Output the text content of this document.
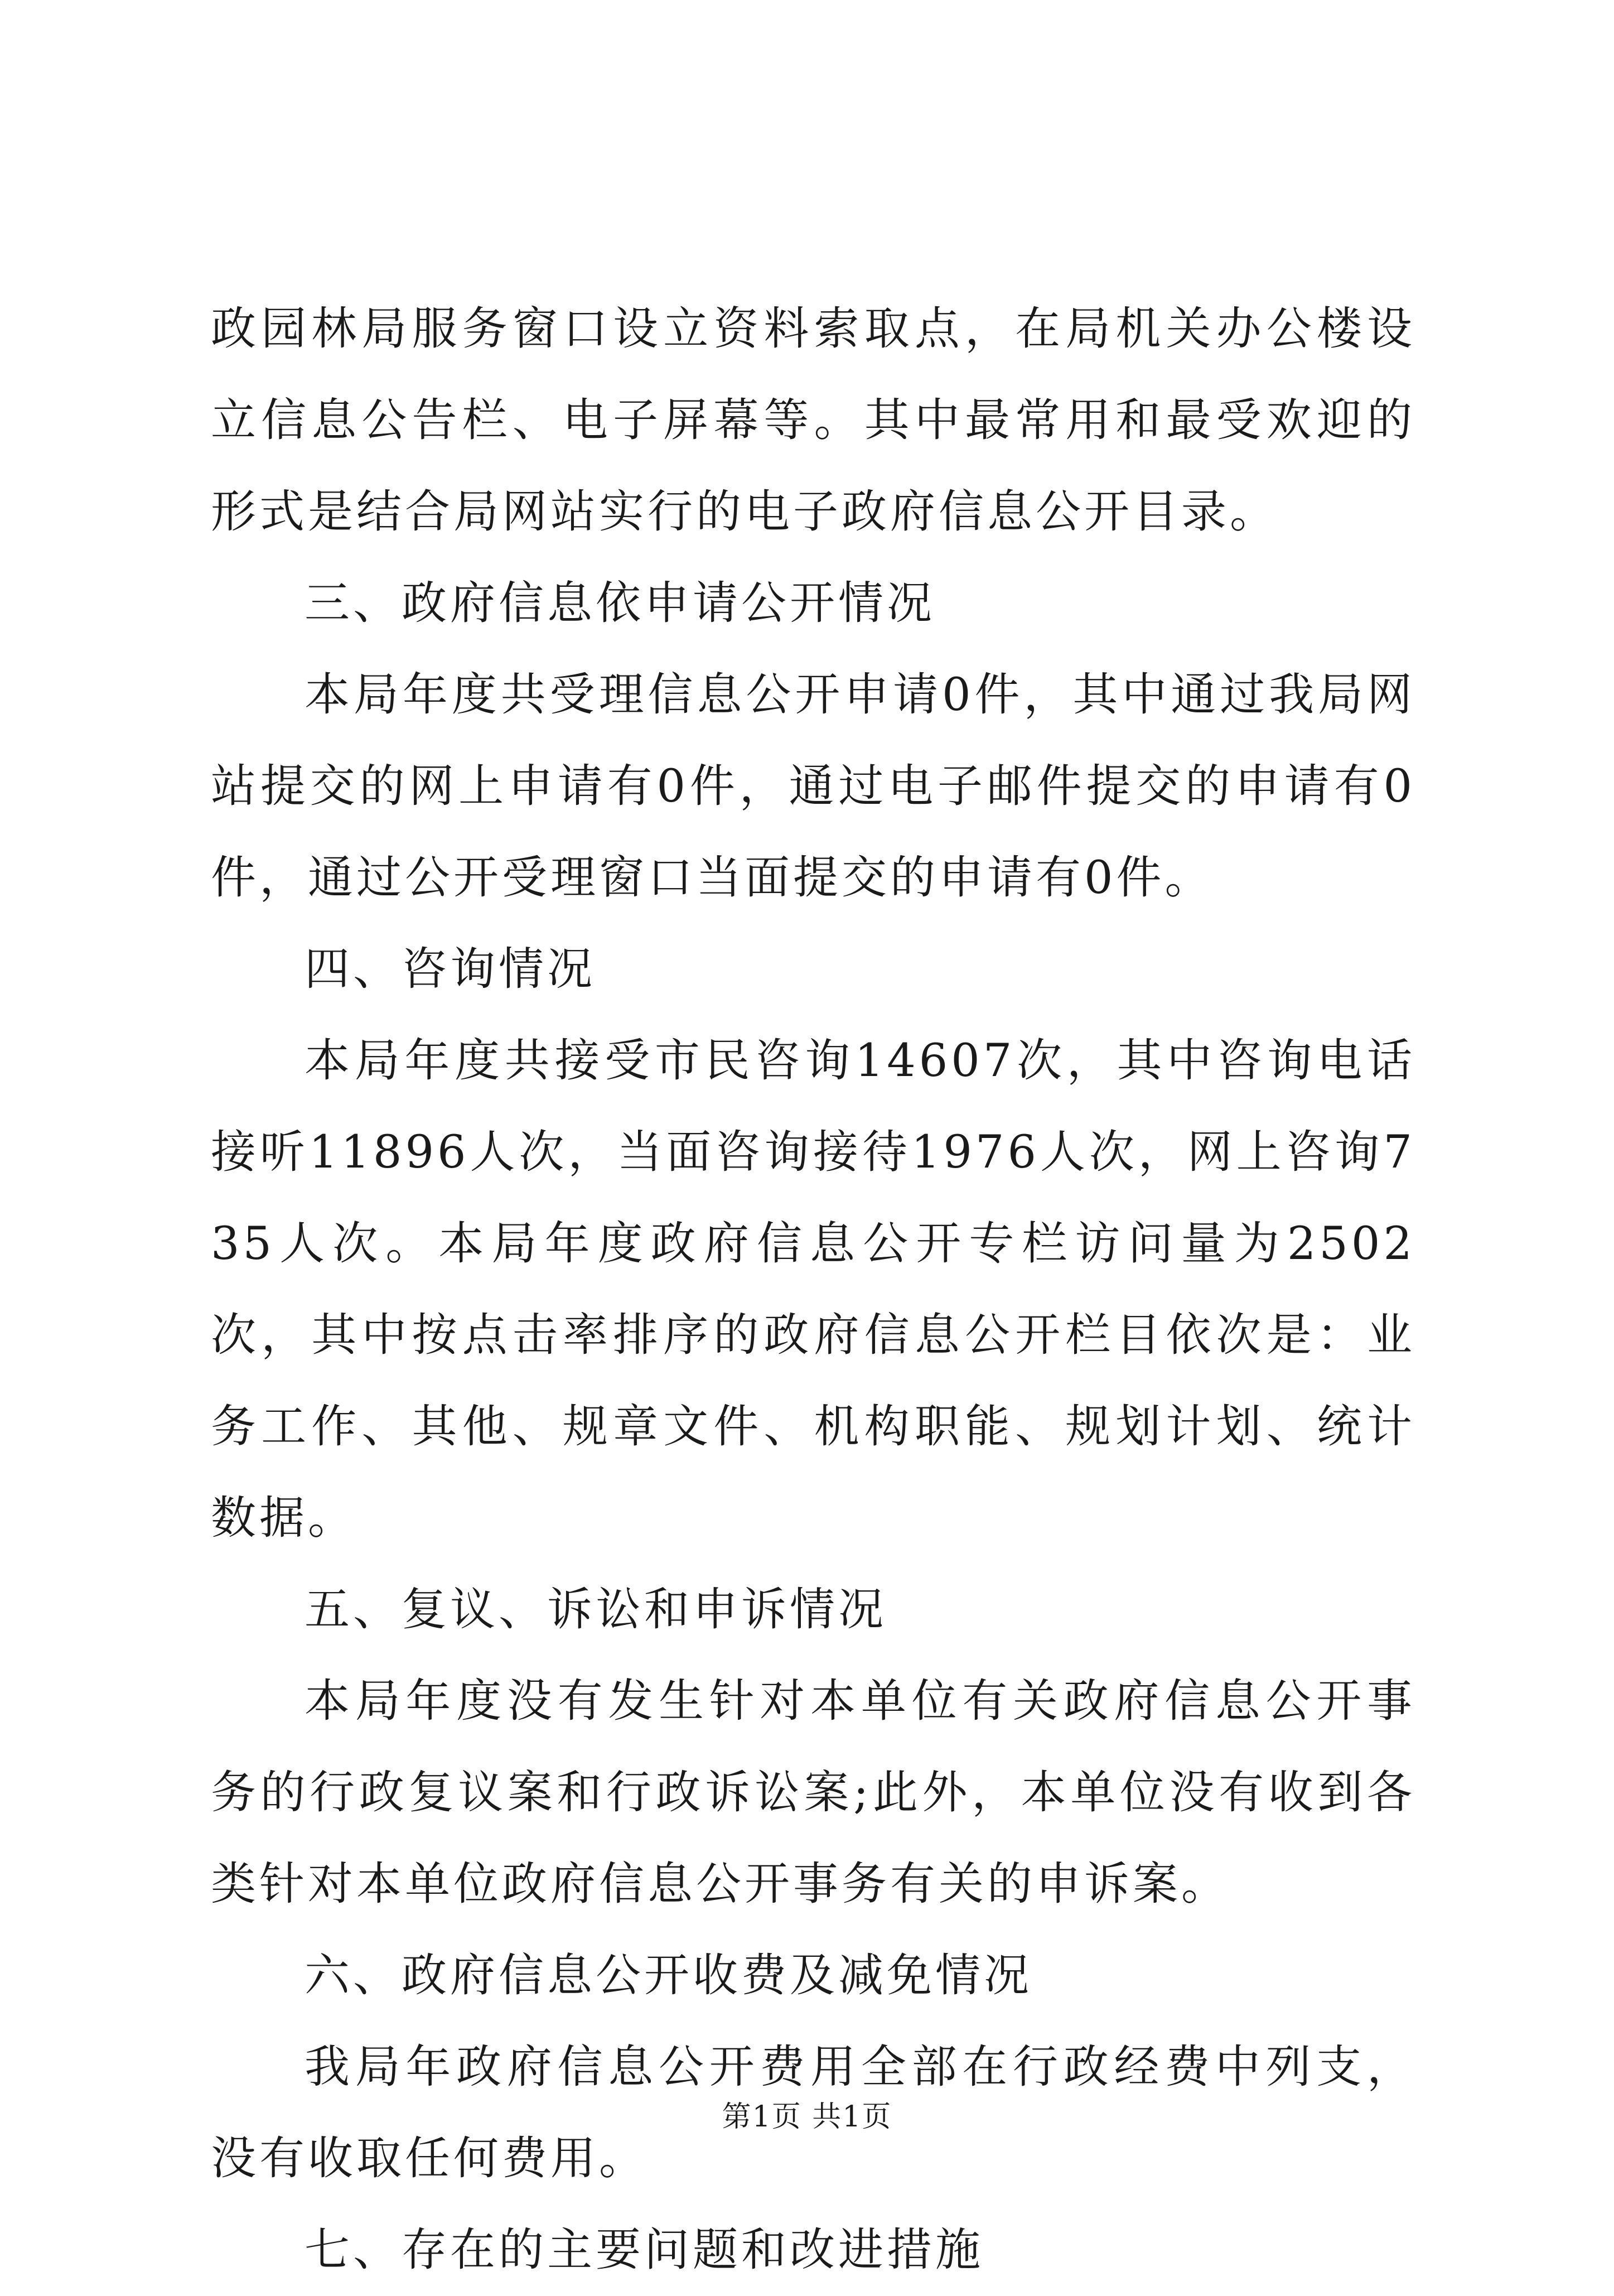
政园林局服务窗口设立资料索取点，在局机关办公楼设立信息公告栏、电子屏幕等。其中最常用和最受欢迎的形式是结合局网站实行的电子政府信息公开目录。

三、政府信息依申请公开情况

本局年度共受理信息公开申请0件，其中通过我局网站提交的网上申请有0件，通过电子邮件提交的申请有0件，通过公开受理窗口当面提交的申请有0件。

四、咨询情况

本局年度共接受市民咨询14607次，其中咨询电话接听11896人次，当面咨询接待1976人次，网上咨询735人次。本局年度政府信息公开专栏访问量为2502次，其中按点击率排序的政府信息公开栏目依次是：业务工作、其他、规章文件、机构职能、规划计划、统计数据。

五、复议、诉讼和申诉情况

本局年度没有发生针对本单位有关政府信息公开事务的行政复议案和行政诉讼案;此外，本单位没有收到各类针对本单位政府信息公开事务有关的申诉案。

六、政府信息公开收费及减免情况

我局年政府信息公开费用全部在行政经费中列支，没有收取任何费用。

七、存在的主要问题和改进措施

第1页 共1页
